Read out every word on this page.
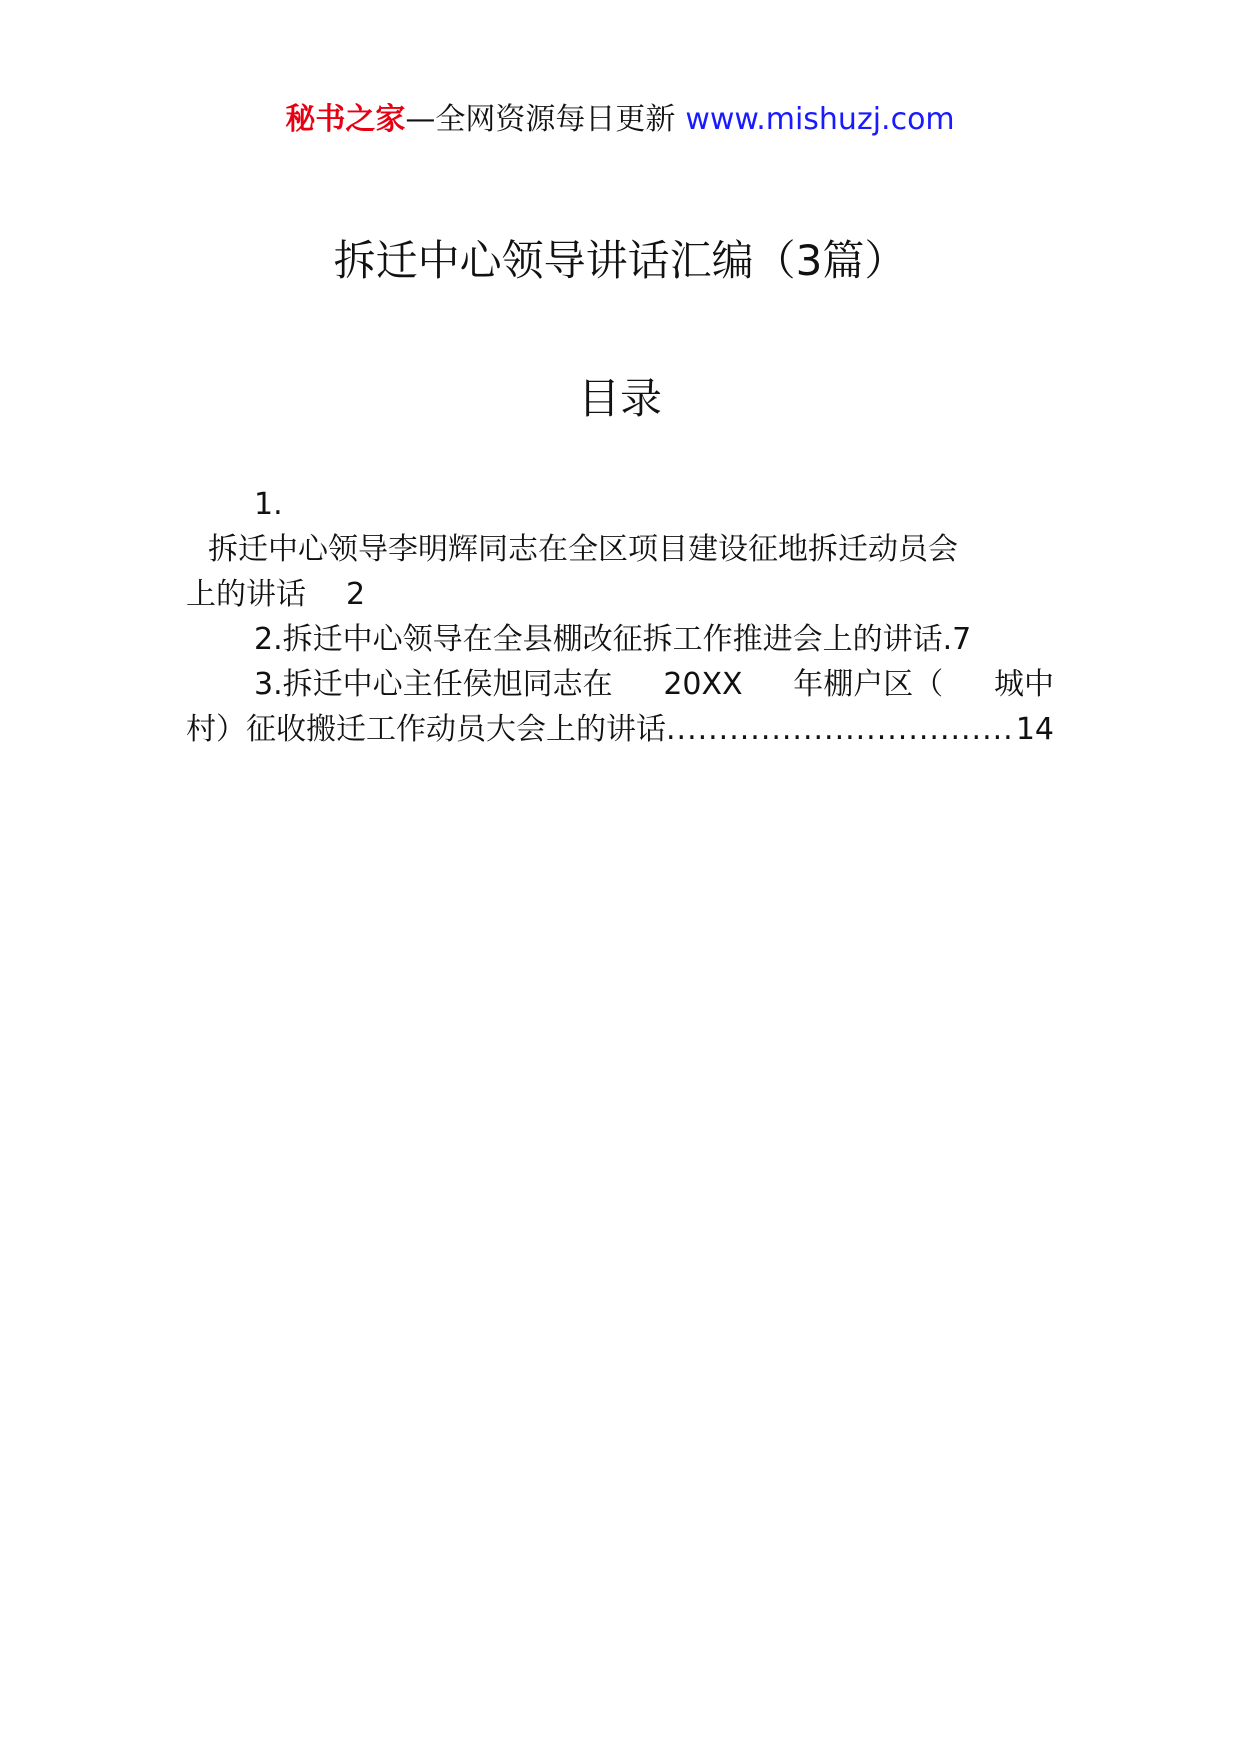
秘书之家—全网资源每日更新 www.mishuzj.com
拆迁中心领导讲话汇编（3篇）
目录
1.
拆迁中心领导李明辉同志在全区项目建设征地拆迁动员会
上的讲话 2
2.拆迁中心领导在全县棚改征拆工作推进会上的讲话.7
3.拆迁中心主任侯旭同志在 20XX 年棚户区（ 城中
村）征收搬迁工作动员大会上的讲话
.....	14
